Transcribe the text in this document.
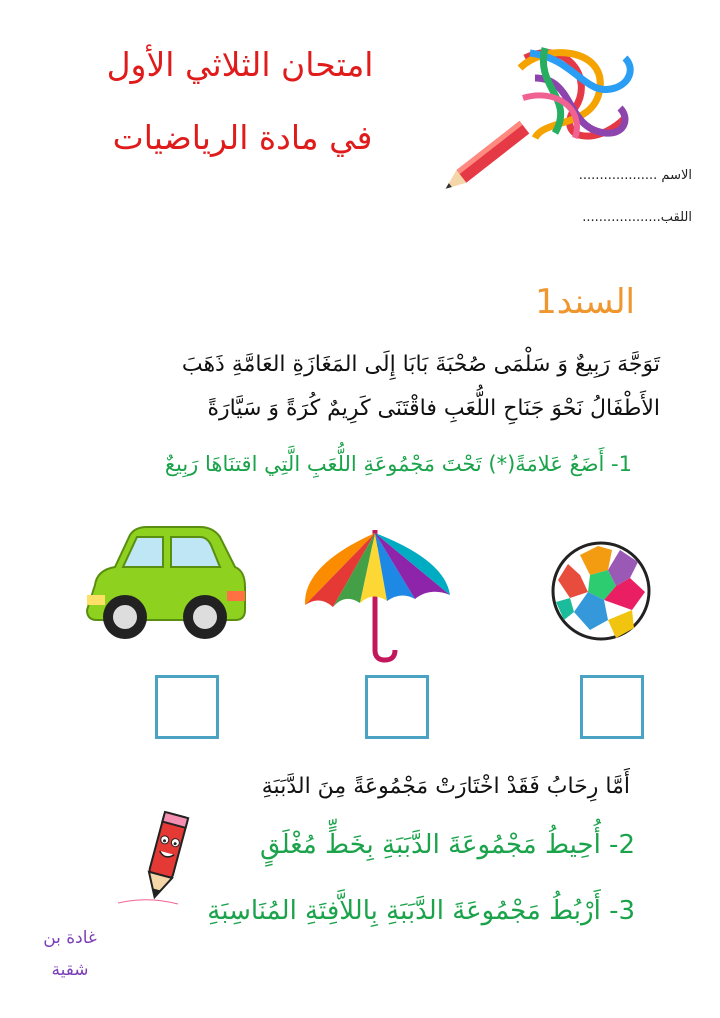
امتحان الثلاثي الأول
في مادة الرياضيات
الاسم ...................
اللقب...................
السند1
تَوَجَّهَ رَبِيعٌ وَ سَلْمَى صُحْبَةَ بَابَا إِلَى المَغَازَةِ العَامَّةِ ذَهَبَ
الأَطْفَالُ نَحْوَ جَنَاحِ اللُّعَبِ فاقْتَنَى كَرِيمٌ كُرَةً وَ سَيَّارَةً
1- أَضَعُ عَلامَةً(*) تَحْتَ مَجْمُوعَةِ اللُّعَبِ الَّتِي اقتنَاهَا رَبِيعٌ
أَمَّا رِحَابُ فَقَدْ اخْتَارَتْ مَجْمُوعَةً مِنَ الدَّبَبَةِ
2- أُحِيطُ مَجْمُوعَةَ الدَّبَبَةِ بِخَطٍّ مُغْلَقٍ
3- أَرْبُطُ مَجْمُوعَةَ الدَّبَبَةِ بِاللاَّفِتَةِ المُنَاسِبَةِ
غادة بن
شقية
